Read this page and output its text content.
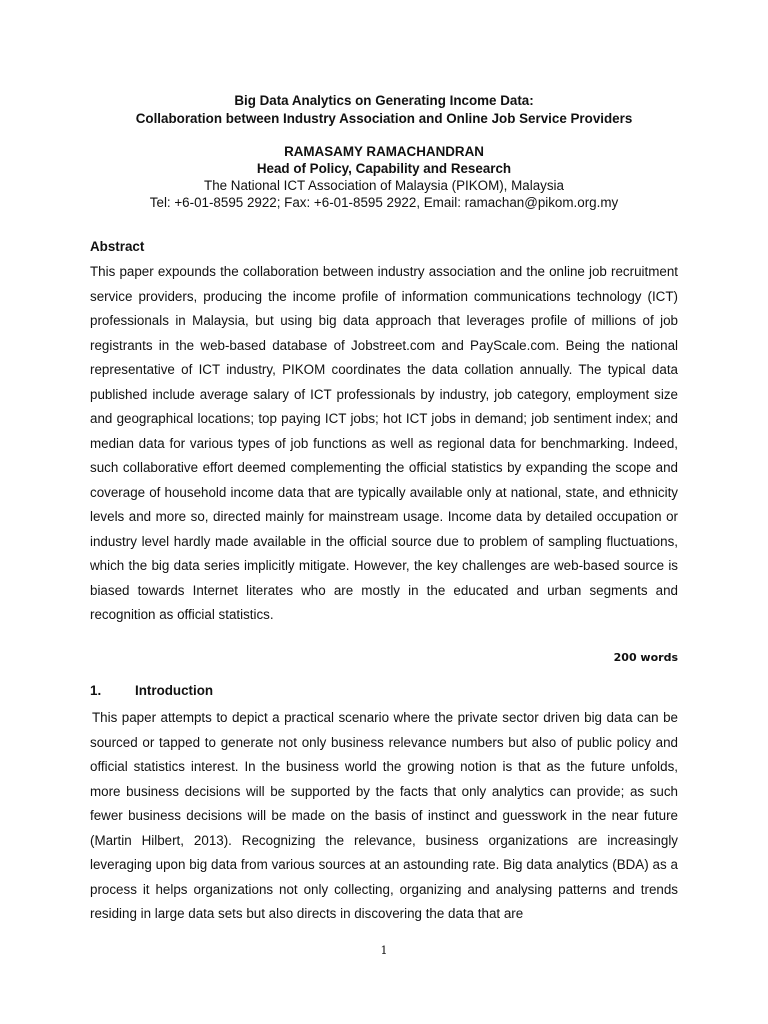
Big Data Analytics on Generating Income Data:

Collaboration between Industry Association and Online Job Service Providers

RAMASAMY RAMACHANDRAN

Head of Policy, Capability and Research

The National ICT Association of Malaysia (PIKOM), Malaysia

Tel: +6-01-8595 2922; Fax: +6-01-8595 2922, Email: ramachan@pikom.org.my

Abstract

This paper expounds the collaboration between industry association and the online job recruitment service providers, producing the income profile of information communications technology (ICT) professionals in Malaysia, but using big data approach that leverages profile of millions of job registrants in the web-based database of Jobstreet.com and PayScale.com. Being the national representative of ICT industry, PIKOM coordinates the data collation annually. The typical data published include average salary of ICT professionals by industry, job category, employment size and geographical locations; top paying ICT jobs; hot ICT jobs in demand; job sentiment index; and median data for various types of job functions as well as regional data for benchmarking. Indeed, such collaborative effort deemed complementing the official statistics by expanding the scope and coverage of household income data that are typically available only at national, state, and ethnicity levels and more so, directed mainly for mainstream usage. Income data by detailed occupation or industry level hardly made available in the official source due to problem of sampling fluctuations, which the big data series implicitly mitigate. However, the key challenges are web-based source is biased towards Internet literates who are mostly in the educated and urban segments and recognition as official statistics.

200 words

1.	Introduction

This paper attempts to depict a practical scenario where the private sector driven big data can be sourced or tapped to generate not only business relevance numbers but also of public policy and official statistics interest. In the business world the growing notion is that as the future unfolds, more business decisions will be supported by the facts that only analytics can provide; as such fewer business decisions will be made on the basis of instinct and guesswork in the near future (Martin Hilbert, 2013). Recognizing the relevance, business organizations are increasingly leveraging upon big data from various sources at an astounding rate. Big data analytics (BDA) as a process it helps organizations not only collecting, organizing and analysing patterns and trends residing in large data sets but also directs in discovering the data that are

1
